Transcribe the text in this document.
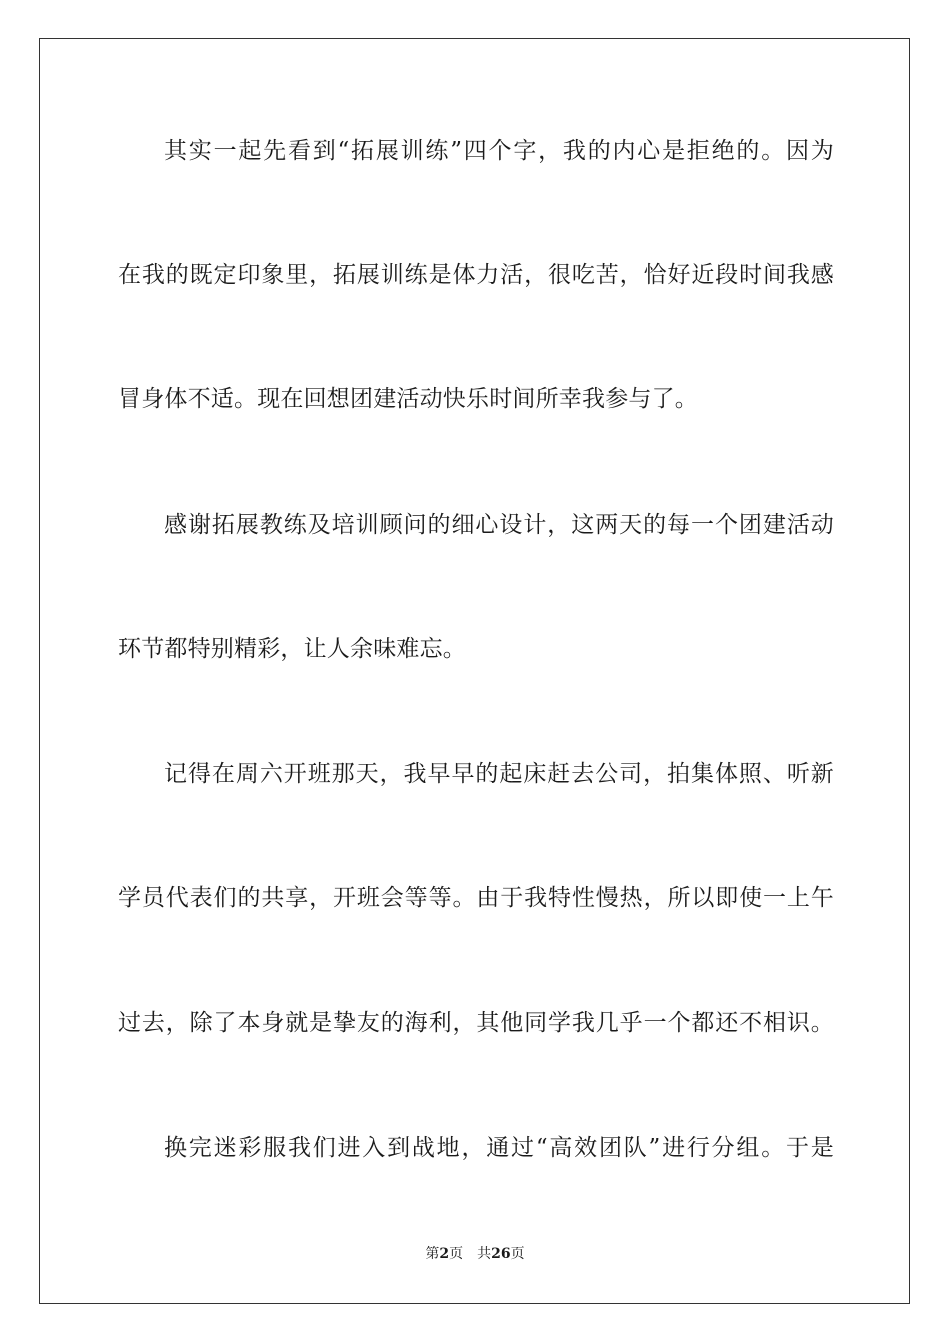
其实一起先看到“拓展训练”四个字，我的内心是拒绝的。因为
在我的既定印象里，拓展训练是体力活，很吃苦，恰好近段时间我感
冒身体不适。现在回想团建活动快乐时间所幸我参与了。
感谢拓展教练及培训顾问的细心设计，这两天的每一个团建活动
环节都特别精彩，让人余味难忘。
记得在周六开班那天，我早早的起床赶去公司，拍集体照、听新
学员代表们的共享，开班会等等。由于我特性慢热，所以即使一上午
过去，除了本身就是挚友的海利，其他同学我几乎一个都还不相识。
换完迷彩服我们进入到战地，通过“高效团队”进行分组。于是
第2页 共26页
